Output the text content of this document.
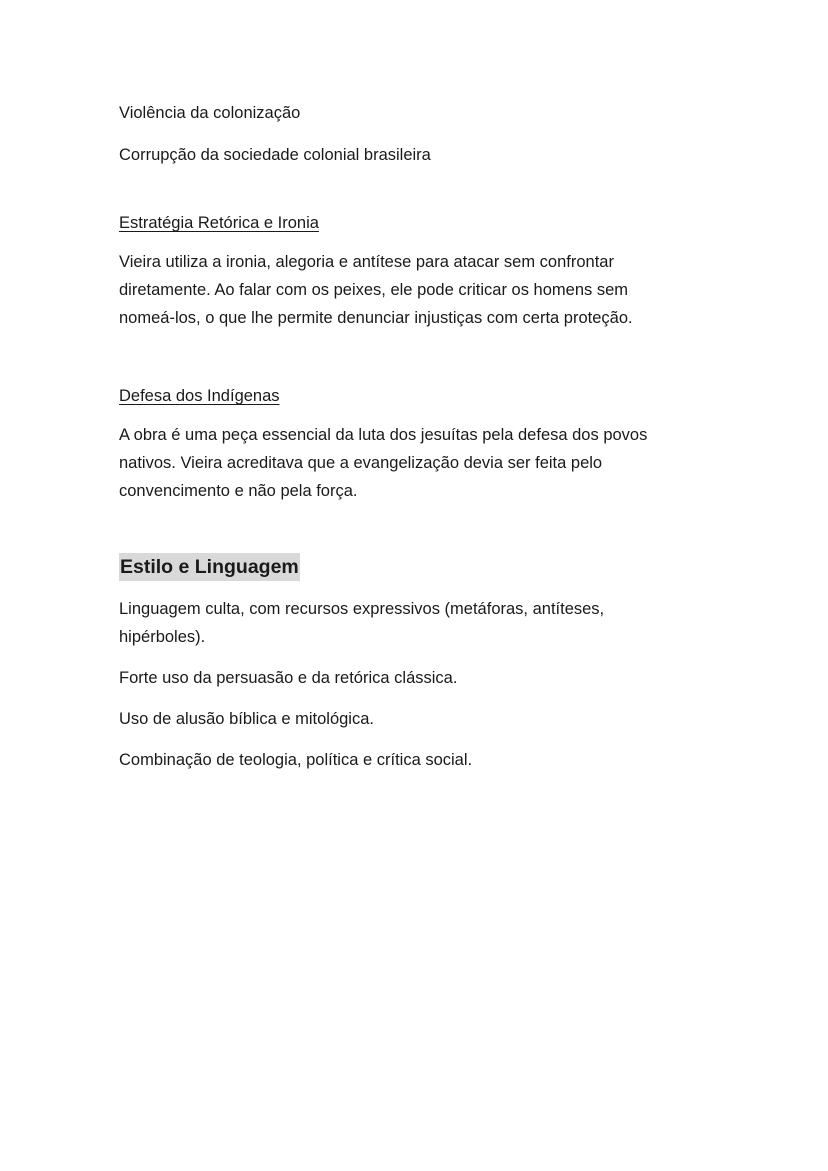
Violência da colonização

Corrupção da sociedade colonial brasileira

Estratégia Retórica e Ironia

Vieira utiliza a ironia, alegoria e antítese para atacar sem confrontar
diretamente. Ao falar com os peixes, ele pode criticar os homens sem
nomeá-los, o que lhe permite denunciar injustiças com certa proteção.

Defesa dos Indígenas

A obra é uma peça essencial da luta dos jesuítas pela defesa dos povos
nativos. Vieira acreditava que a evangelização devia ser feita pelo
convencimento e não pela força.

Estilo e Linguagem

Linguagem culta, com recursos expressivos (metáforas, antíteses,
hipérboles).

Forte uso da persuasão e da retórica clássica.

Uso de alusão bíblica e mitológica.

Combinação de teologia, política e crítica social.
